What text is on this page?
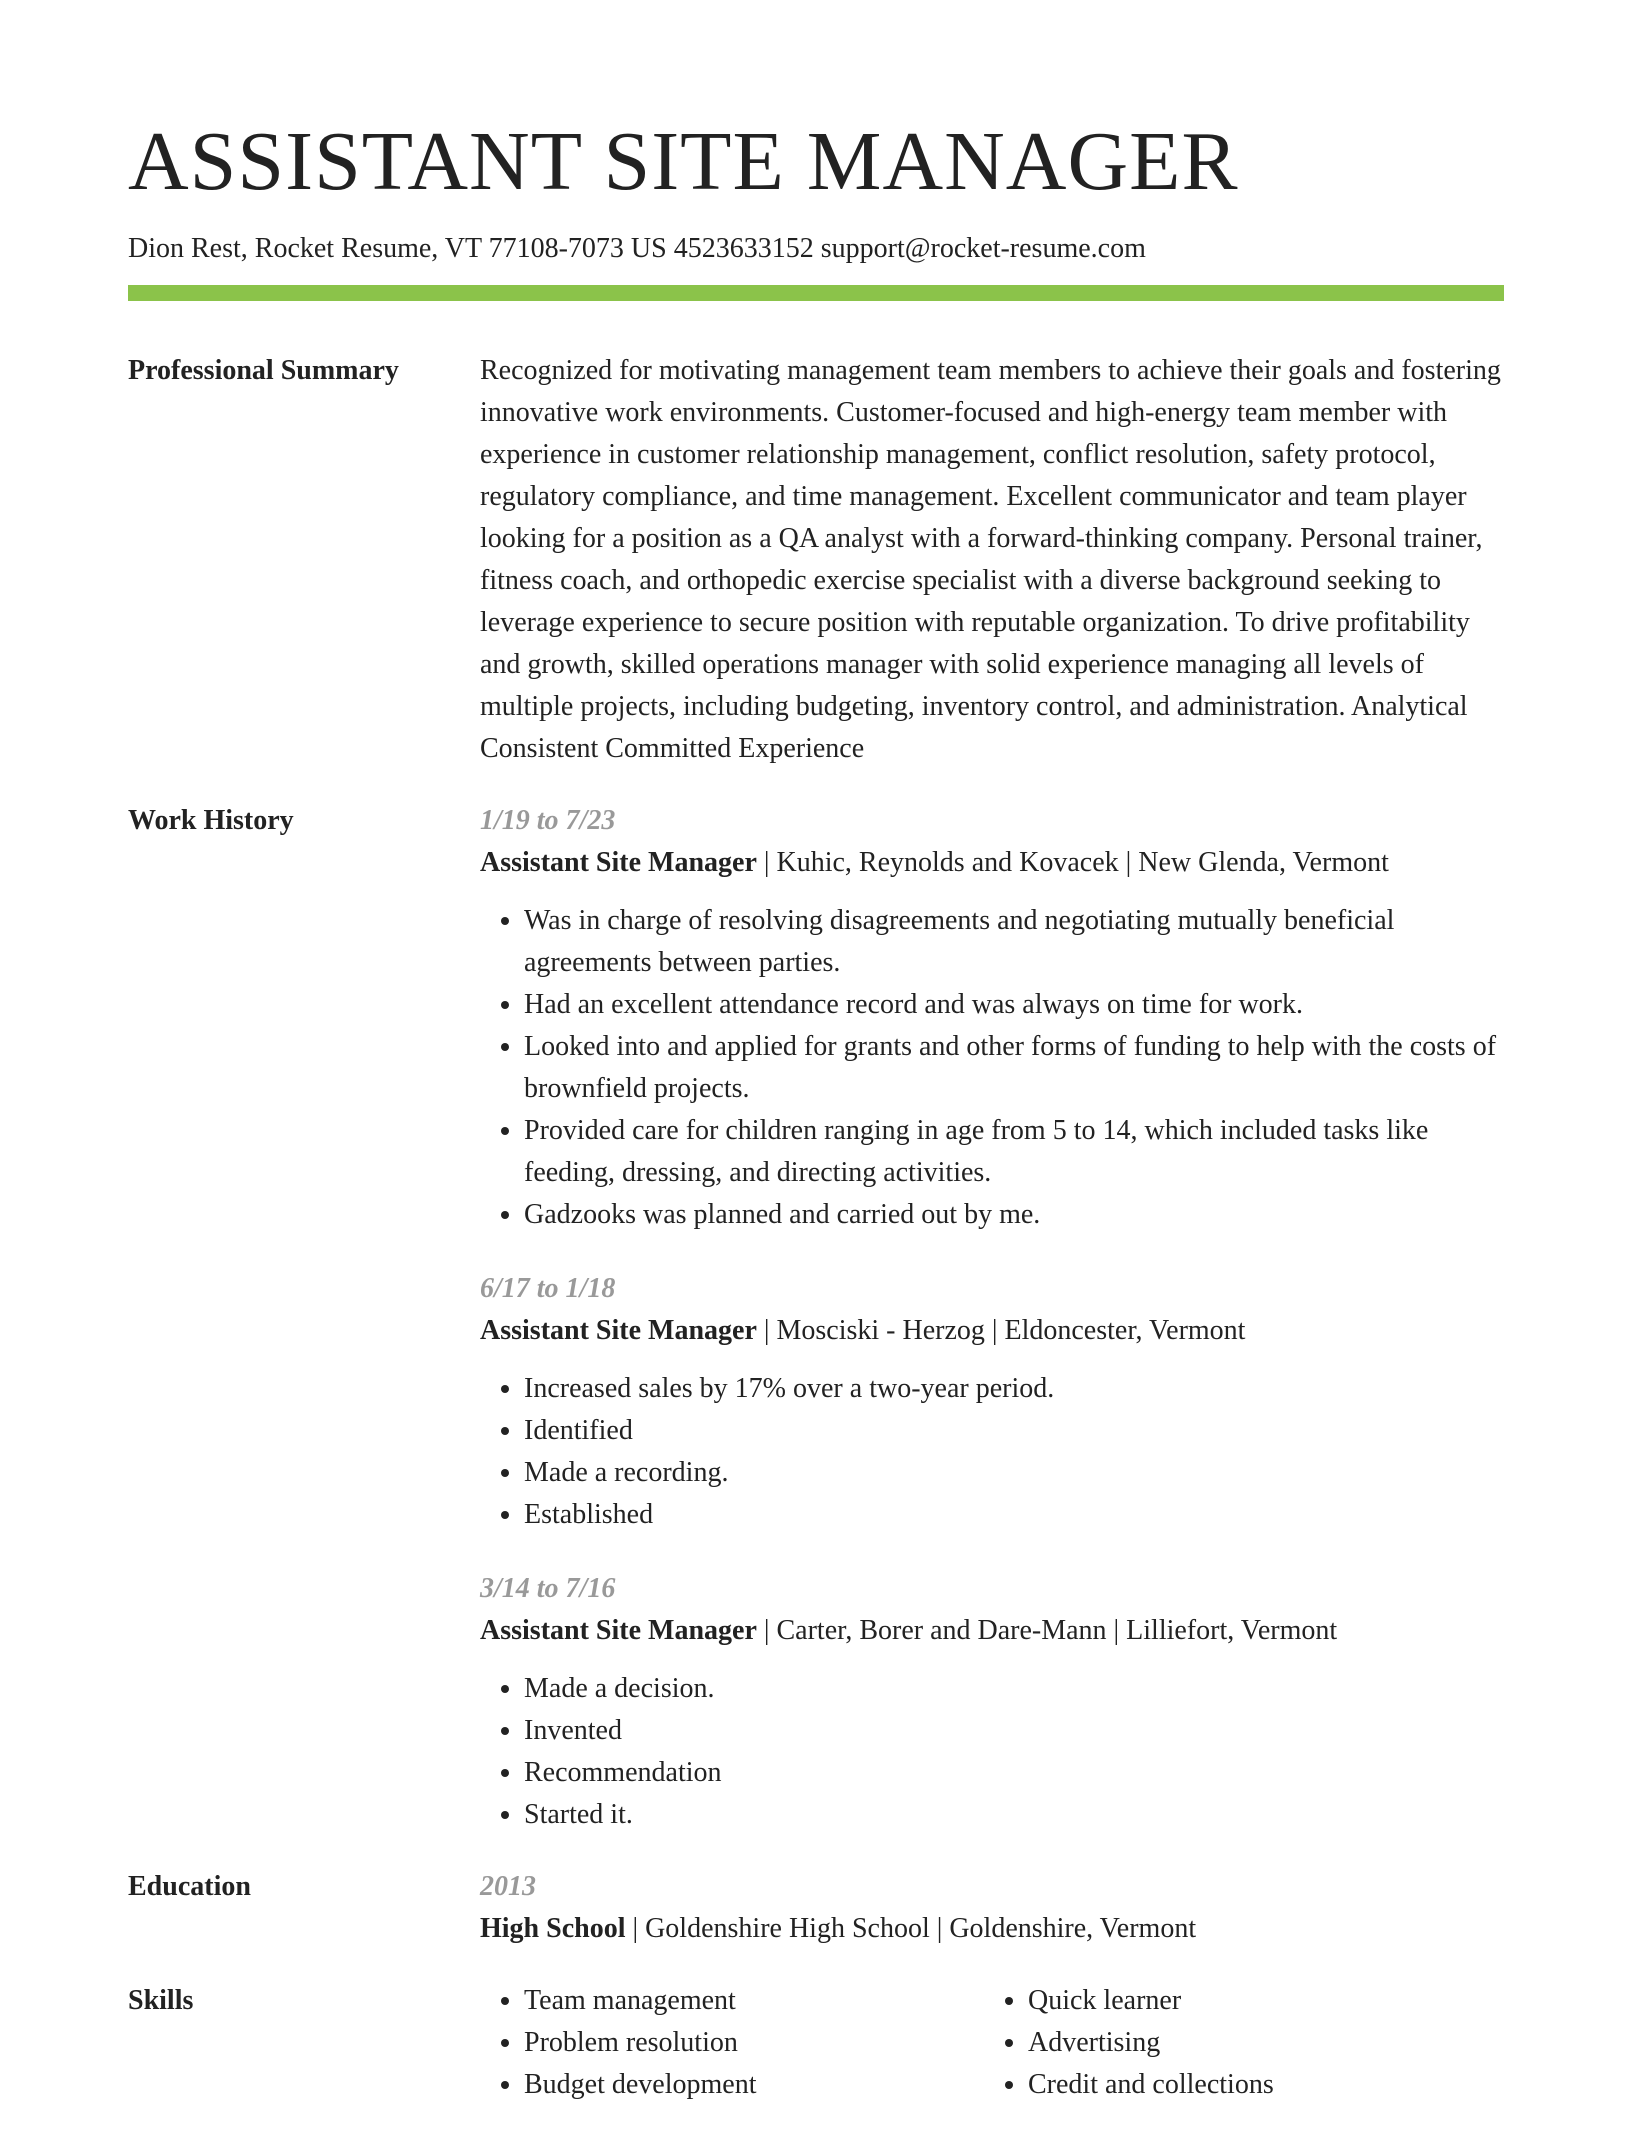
ASSISTANT SITE MANAGER
Dion Rest, Rocket Resume, VT 77108-7073 US 4523633152 support@rocket-resume.com
Professional Summary	Recognized for motivating management team members to achieve their goals and fostering innovative work environments. Customer-focused and high-energy team member with experience in customer relationship management, conflict resolution, safety protocol, regulatory compliance, and time management. Excellent communicator and team player looking for a position as a QA analyst with a forward-thinking company. Personal trainer, fitness coach, and orthopedic exercise specialist with a diverse background seeking to leverage experience to secure position with reputable organization. To drive profitability and growth, skilled operations manager with solid experience managing all levels of multiple projects, including budgeting, inventory control, and administration. Analytical Consistent Committed Experience

Work History	1/19 to 7/23
Assistant Site Manager | Kuhic, Reynolds and Kovacek | New Glenda, Vermont
• Was in charge of resolving disagreements and negotiating mutually beneficial agreements between parties.
• Had an excellent attendance record and was always on time for work.
• Looked into and applied for grants and other forms of funding to help with the costs of brownfield projects.
• Provided care for children ranging in age from 5 to 14, which included tasks like feeding, dressing, and directing activities.
• Gadzooks was planned and carried out by me.
6/17 to 1/18
Assistant Site Manager | Mosciski - Herzog | Eldoncester, Vermont
• Increased sales by 17% over a two-year period.
• Identified
• Made a recording.
• Established
3/14 to 7/16
Assistant Site Manager | Carter, Borer and Dare-Mann | Lilliefort, Vermont
• Made a decision.
• Invented
• Recommendation
• Started it.
Education	2013
High School | Goldenshire High School | Goldenshire, Vermont
Skills
•	Team management
• Problem resolution
• Budget development
• Quick learner
• Advertising
• Credit and collections
